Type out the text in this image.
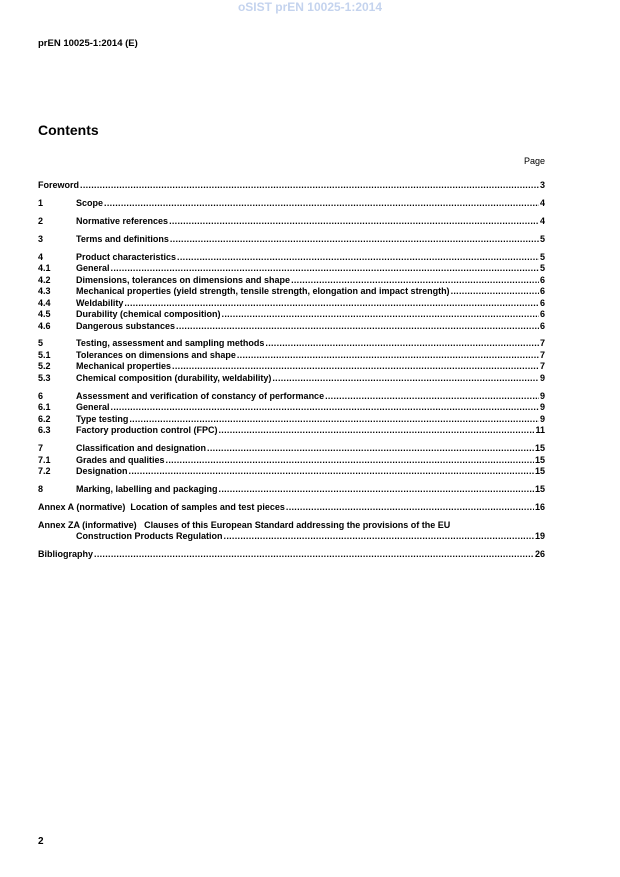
oSIST prEN 10025-1:2014
prEN 10025-1:2014 (E)
Contents
Page
Foreword .....	3
1	Scope .....	4
2	Normative references .....	4
3	Terms and definitions .....	5
4	Product characteristics .....	5
4.1	General .....	5
4.2	Dimensions, tolerances on dimensions and shape .....	6
4.3	Mechanical properties (yield strength, tensile strength, elongation and impact strength) .....	6
4.4	Weldability .....	6
4.5	Durability (chemical composition) .....	6
4.6	Dangerous substances .....	6
5	Testing, assessment and sampling methods .....	7
5.1	Tolerances on dimensions and shape .....	7
5.2	Mechanical properties .....	7
5.3	Chemical composition (durability, weldability) .....	9
6	Assessment and verification of constancy of performance .....	9
6.1	General .....	9
6.2	Type testing .....	9
6.3	Factory production control (FPC) .....	11
7	Classification and designation .....	15
7.1	Grades and qualities .....	15
7.2	Designation .....	15
8	Marking, labelling and packaging .....	15
Annex A (normative)  Location of samples and test pieces .....	16
Annex ZA (informative)   Clauses of this European Standard addressing the provisions of the EU
Construction Products Regulation .....	19
Bibliography .....	26
2
